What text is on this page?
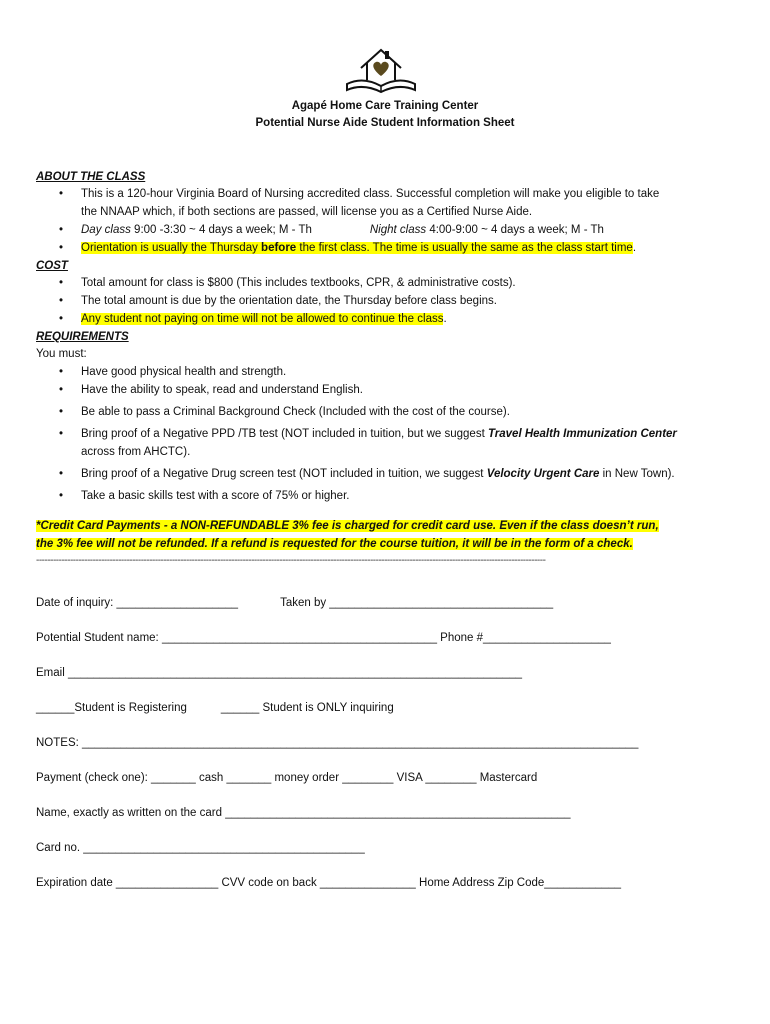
Agapé Home Care Training Center
Potential Nurse Aide Student Information Sheet
ABOUT THE CLASS
• This is a 120-hour Virginia Board of Nursing accredited class. Successful completion will make you eligible to take
the NNAAP which, if both sections are passed, will license you as a Certified Nurse Aide.
• Day class 9:00 -3:30 ~ 4 days a week; M - Th	Night class 4:00-9:00 ~ 4 days a week; M - Th
• Orientation is usually the Thursday before the first class. The time is usually the same as the class start time.
COST
• Total amount for class is $800 (This includes textbooks, CPR, & administrative costs).
• The total amount is due by the orientation date, the Thursday before class begins.
• Any student not paying on time will not be allowed to continue the class.
REQUIREMENTS
You must:
• Have good physical health and strength.
• Have the ability to speak, read and understand English.
• Be able to pass a Criminal Background Check (Included with the cost of the course).
• Bring proof of a Negative PPD /TB test (NOT included in tuition, but we suggest Travel Health Immunization Center
across from AHCTC).
• Bring proof of a Negative Drug screen test (NOT included in tuition, we suggest Velocity Urgent Care in New Town).
• Take a basic skills test with a score of 75% or higher.
*Credit Card Payments - a NON-REFUNDABLE 3% fee is charged for credit card use. Even if the class doesn’t run,
the 3% fee will not be refunded. If a refund is requested for the course tuition, it will be in the form of a check.
------------------------------------------------------------------------------------------------------------------------------------------------------------------------------------
Date of inquiry: ___________________	Taken by ___________________________________
Potential Student name: ___________________________________________ Phone #____________________
Email _______________________________________________________________________
______Student is Registering	______ Student is ONLY inquiring
NOTES: _______________________________________________________________________________________
Payment (check one): _______ cash _______ money order ________ VISA ________ Mastercard
Name, exactly as written on the card ______________________________________________________
Card no. ____________________________________________
Expiration date ________________ CVV code on back _______________ Home Address Zip Code____________
